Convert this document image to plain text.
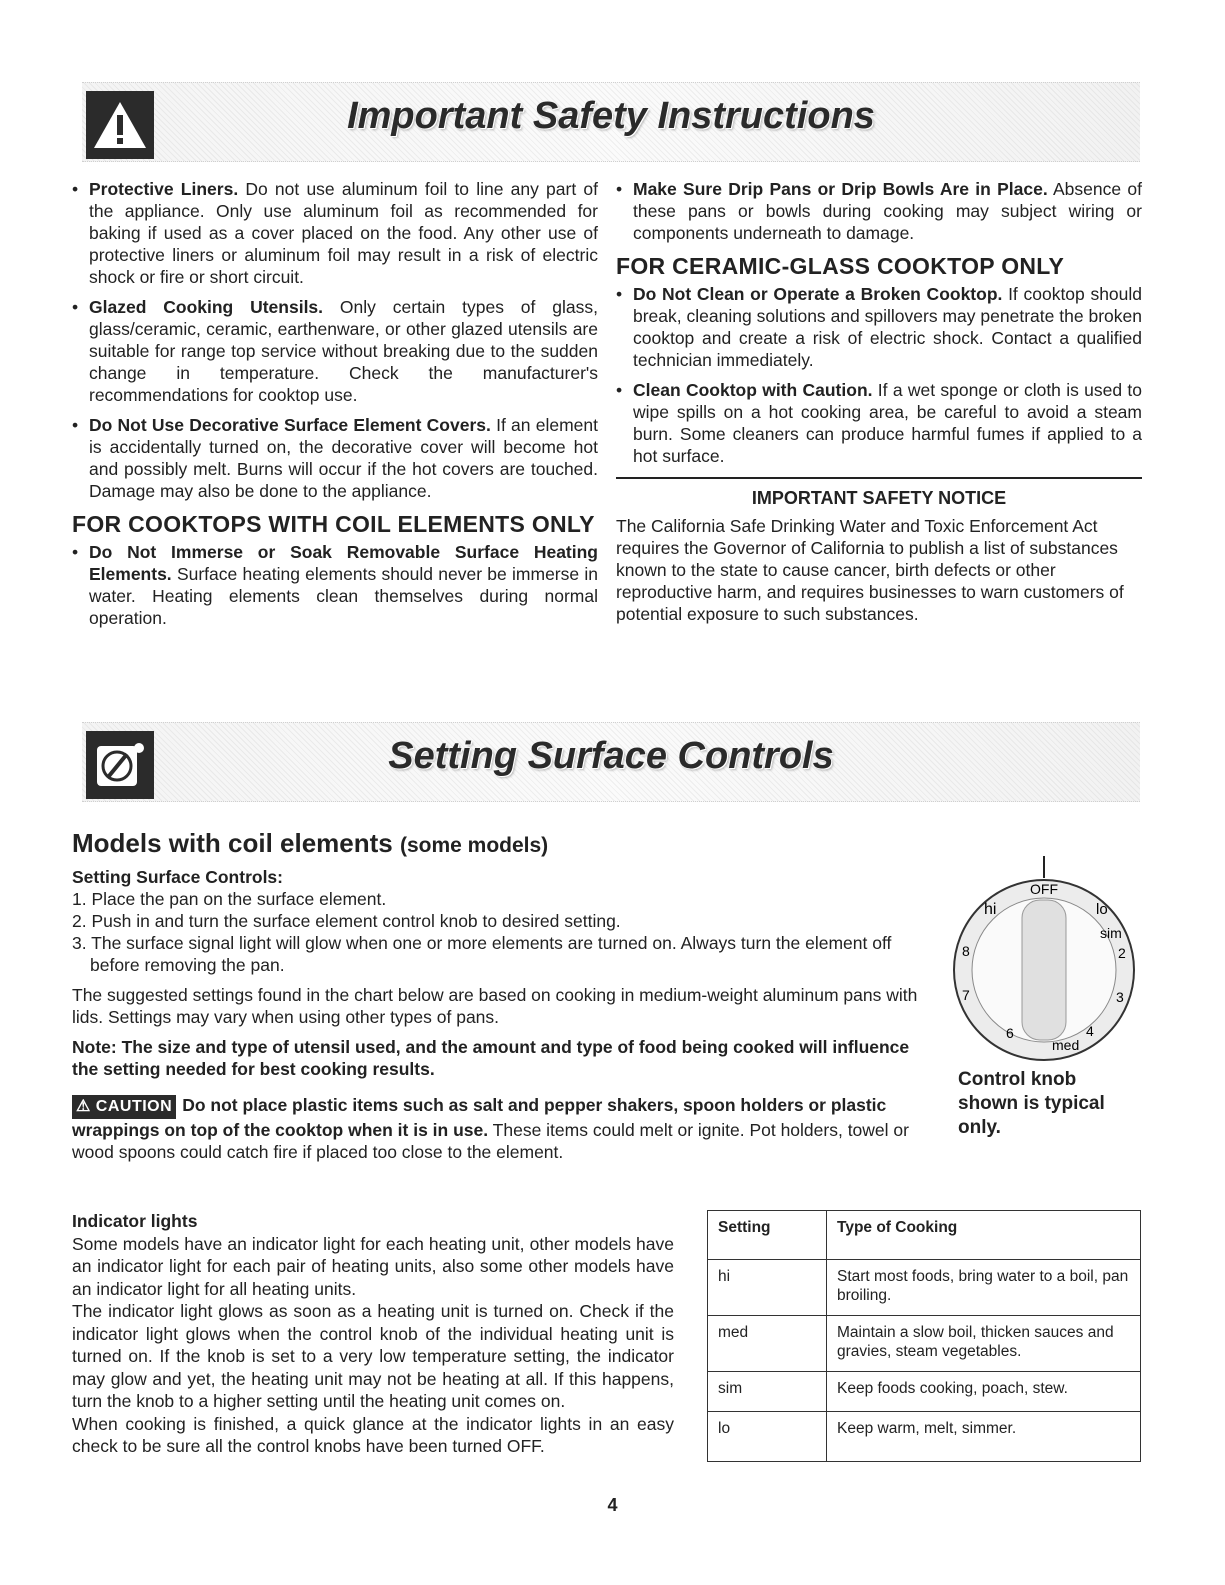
Important Safety Instructions
• Protective Liners. Do not use aluminum foil to line any part of the appliance. Only use aluminum foil as recommended for baking if used as a cover placed on the food. Any other use of protective liners or aluminum foil may result in a risk of electric shock or fire or short circuit.
• Glazed Cooking Utensils. Only certain types of glass, glass/ceramic, ceramic, earthenware, or other glazed utensils are suitable for range top service without breaking due to the sudden change in temperature. Check the manufacturer's recommendations for cooktop use.
• Do Not Use Decorative Surface Element Covers. If an element is accidentally turned on, the decorative cover will become hot and possibly melt. Burns will occur if the hot covers are touched. Damage may also be done to the appliance.
FOR COOKTOPS WITH COIL ELEMENTS ONLY
• Do Not Immerse or Soak Removable Surface Heating Elements. Surface heating elements should never be immerse in water. Heating elements clean themselves during normal operation.
• Make Sure Drip Pans or Drip Bowls Are in Place. Absence of these pans or bowls during cooking may subject wiring or components underneath to damage.
FOR CERAMIC-GLASS COOKTOP ONLY
• Do Not Clean or Operate a Broken Cooktop. If cooktop should break, cleaning solutions and spillovers may penetrate the broken cooktop and create a risk of electric shock. Contact a qualified technician immediately.
• Clean Cooktop with Caution. If a wet sponge or cloth is used to wipe spills on a hot cooking area, be careful to avoid a steam burn. Some cleaners can produce harmful fumes if applied to a hot surface.
IMPORTANT SAFETY NOTICE
The California Safe Drinking Water and Toxic Enforcement Act requires the Governor of California to publish a list of substances known to the state to cause cancer, birth defects or other reproductive harm, and requires businesses to warn customers of potential exposure to such substances.
Setting Surface Controls
Models with coil elements (some models)
Setting Surface Controls:
1. Place the pan on the surface element.
2. Push in and turn the surface element control knob to desired setting.
3. The surface signal light will glow when one or more elements are turned on. Always turn the element off before removing the pan.
The suggested settings found in the chart below are based on cooking in medium-weight aluminum pans with lids. Settings may vary when using other types of pans.
Note: The size and type of utensil used, and the amount and type of food being cooked will influence the setting needed for best cooking results.
⚠ CAUTION Do not place plastic items such as salt and pepper shakers, spoon holders or plastic wrappings on top of the cooktop when it is in use. These items could melt or ignite. Pot holders, towel or wood spoons could catch fire if placed too close to the element.
OFF
hi	lo
sim
2
3
4
med
6
7
8
Control knob shown is typical only.
Indicator lights
Some models have an indicator light for each heating unit, other models have an indicator light for each pair of heating units, also some other models have an indicator light for all heating units.
The indicator light glows as soon as a heating unit is turned on. Check if the indicator light glows when the control knob of the individual heating unit is turned on. If the knob is set to a very low temperature setting, the indicator may glow and yet, the heating unit may not be heating at all. If this happens, turn the knob to a higher setting until the heating unit comes on.
When cooking is finished, a quick glance at the indicator lights in an easy check to be sure all the control knobs have been turned OFF.
Setting	Type of Cooking
hi	Start most foods, bring water to a boil, pan broiling.
med	Maintain a slow boil, thicken sauces and gravies, steam vegetables.
sim	Keep foods cooking, poach, stew.
lo	Keep warm, melt, simmer.
4
